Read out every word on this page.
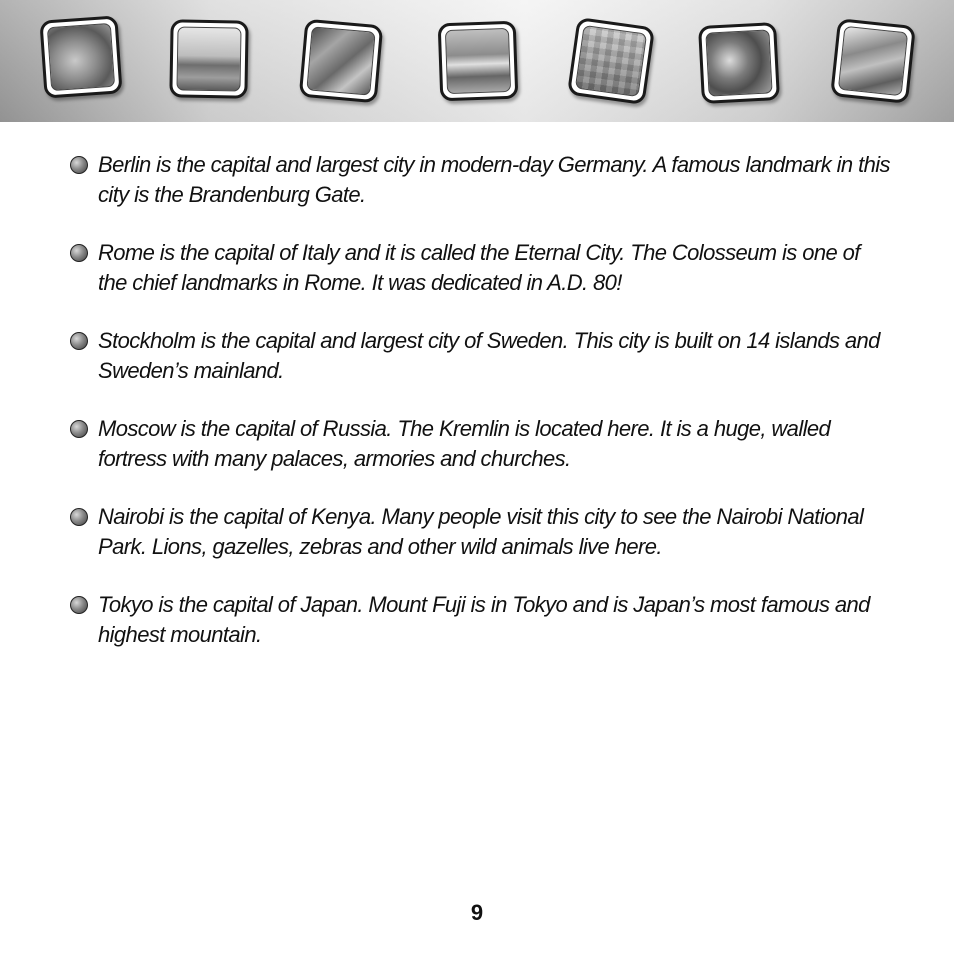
Berlin is the capital and largest city in modern-day Germany. A famous landmark in this city is the Brandenburg Gate.
Rome is the capital of Italy and it is called the Eternal City. The Colosseum is one of the chief landmarks in Rome. It was dedicated in A.D. 80!
Stockholm is the capital and largest city of Sweden. This city is built on 14 islands and Sweden’s mainland.
Moscow is the capital of Russia. The Kremlin is located here. It is a huge, walled fortress with many palaces, armories and churches.
Nairobi is the capital of Kenya. Many people visit this city to see the Nairobi National Park. Lions, gazelles, zebras and other wild animals live here.
Tokyo is the capital of Japan. Mount Fuji is in Tokyo and is Japan’s most famous and highest mountain.
9
